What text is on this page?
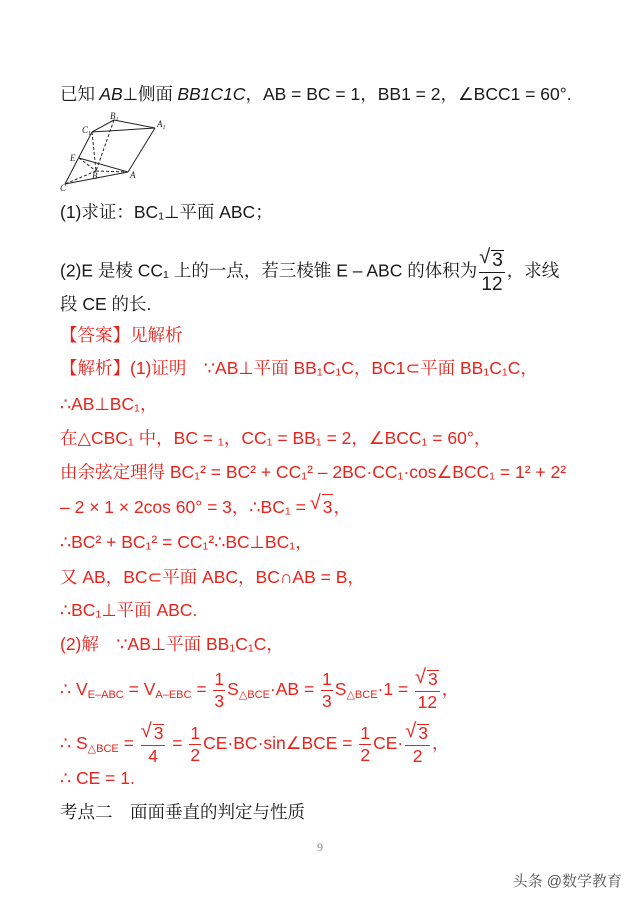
已知 AB⊥侧面 BB1C1C，AB = BC = 1，BB1 = 2，∠BCC1 = 60°.
$B_1$	$A_1$
$C_1$
E
B
C
A
(1)求证：BC₁⊥平面 ABC；
(2)E 是棱 CC₁ 上的一点，若三棱锥 E – ABC 的体积为 √ $\frac{3}{12}$ ，求线
段 CE 的长.
【答案】见解析
【解析】(1)证明　∵AB⊥平面 BB₁C₁C，BC1⊂平面 BB₁C₁C，
∴AB⊥BC₁，
在△CBC₁ 中，BC = ₁，CC₁ = BB₁ = 2，∠BCC₁ = 60°，
由余弦定理得 BC₁² = BC² + CC₁² – 2BC·CC₁·cos∠BCC₁ = 1² + 2²
– 2 × 1 × 2cos 60° = 3，∴BC₁ = √ 3，
∴BC² + BC₁² = CC₁²∴BC⊥BC₁，
又 AB，BC⊂平面 ABC，BC∩AB = B，
∴BC₁⊥平面 ABC.
(2)解　∵AB⊥平面 BB₁C₁C，
∴ $V_{E-ABC} = V_{A-EBC} = \frac{1}{3} S_{\triangle BCE}\cdot AB = \frac{1}{3} S_{\triangle BCE}\cdot 1$ = √ $\frac{3}{12}$ ，
∴ $S_{\triangle BCE}$ = √ $\frac{3}{4} = \frac{1}{2}$ CE·BC·sin∠BCE = $\frac{1}{2} CE\cdot$ √ $\frac{3}{2}$ ，
∴ CE = 1.
考点二　面面垂直的判定与性质
9
头条 @数学教育
